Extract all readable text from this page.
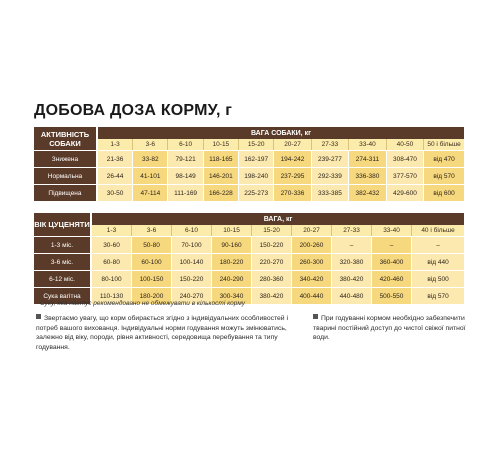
ДОБОВА ДОЗА КОРМУ, г
АКТИВНІСТЬ СОБАКИ	ВАГА СОБАКИ, кг									
	1-3	3-6	6-10	10-15	15-20	20-27	27-33	33-40	40-50	50 і більше
Знижена	21-36	33-82	79-121	118-165	162-197	194-242	239-277	274-311	308-470	від 470
Нормальна	26-44	41-101	98-149	146-201	198-240	237-295	292-339	336-380	377-570	від 570
Підвищена	30-50	47-114	111-169	166-228	225-273	270-336	333-385	382-432	429-600	від 600
ВІК ЦУЦЕНЯТИ	ВАГА, кг								
	1-3	3-6	6-10	10-15	15-20	20-27	27-33	33-40	40 і більше
1-3 міс.	30-60	50-80	70-100	90-160	150-220	200-260	–	–	–
3-6 міс.	60-80	60-100	100-140	180-220	220-270	260-300	320-380	360-400	від 440
6-12 міс.	80-100	100-150	150-220	240-290	280-360	340-420	380-420	420-460	від 500
Сука вагітна	110-130	180-200	240-270	300-340	380-420	400-440	440-480	500-550	від 570
Суку, яка лактує рекомендовано не обмежувати в кількості корму
Звертаємо увагу, що корм обирається згідно з індивідуальних особливостей і потреб вашого вихованця. Індивідуальні норми годування можуть змінюватись, залежно від віку, породи, рівня активності, середовища перебування та типу годування.
При годуванні кормом необхідно забезпечити тварині постійний доступ до чистої свіжої питної води.
